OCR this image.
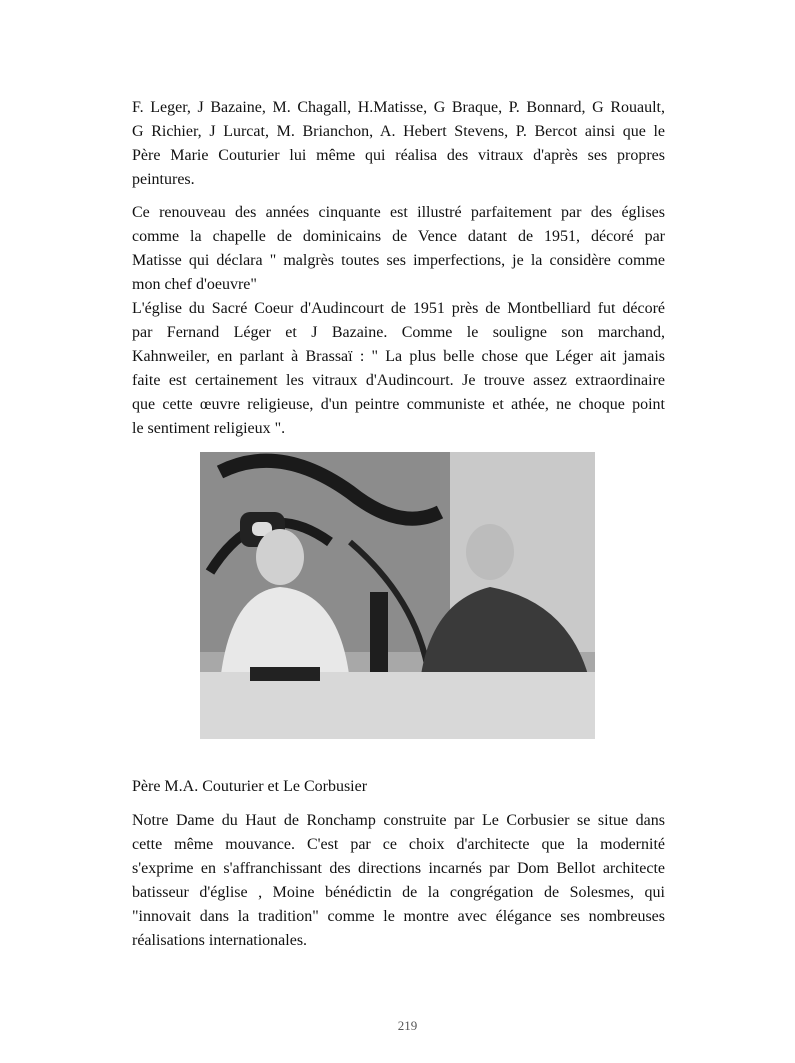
F. Leger, J Bazaine, M. Chagall, H.Matisse, G Braque, P. Bonnard, G Rouault,
G Richier, J Lurcat, M. Brianchon, A. Hebert Stevens, P. Bercot ainsi que le
Père Marie Couturier lui même qui réalisa des vitraux d'après ses propres
peintures.
Ce renouveau des années cinquante est illustré parfaitement par des églises
comme la chapelle de dominicains de Vence datant de 1951, décoré par
Matisse qui déclara " malgrès toutes ses imperfections, je la considère comme
mon chef d'oeuvre"
L'église du Sacré Coeur d'Audincourt de 1951 près de Montbelliard fut décoré
par Fernand Léger et J Bazaine. Comme le souligne son marchand,
Kahnweiler, en parlant à Brassaï : " La plus belle chose que Léger ait jamais
faite est certainement les vitraux d'Audincourt. Je trouve assez extraordinaire
que cette œuvre religieuse, d'un peintre communiste et athée, ne choque point
le sentiment religieux ".
Père M.A. Couturier et Le Corbusier
Notre Dame du Haut de Ronchamp construite par Le Corbusier se situe dans
cette même mouvance. C'est par ce choix d'architecte que la modernité
s'exprime en s'affranchissant des directions incarnés par Dom Bellot architecte
batisseur d'église , Moine bénédictin de la congrégation de Solesmes, qui
"innovait dans la tradition" comme le montre avec élégance ses nombreuses
réalisations internationales.
219
